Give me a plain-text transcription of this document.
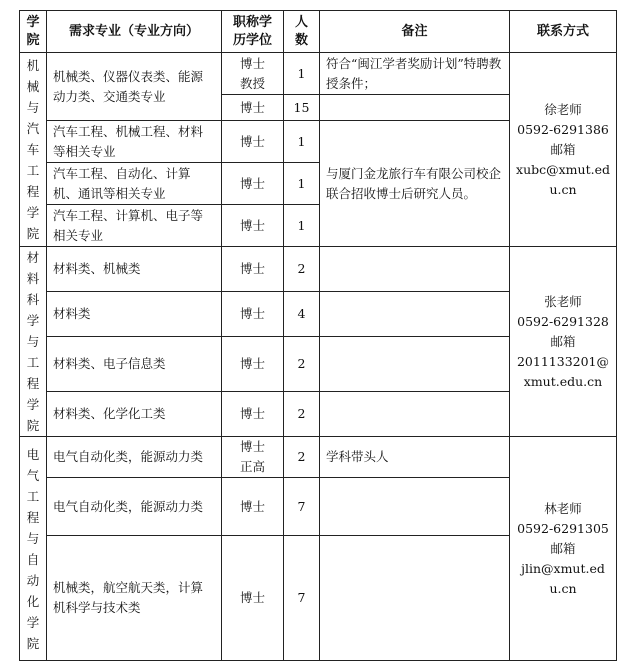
学院	需求专业（专业方向）	职称学历学位	人数	备注	联系方式
机械与汽车工程学院	机械类、仪器仪表类、能源动力类、交通类专业	博士教授	1	符合“闽江学者奖励计划”特聘教授条件；	徐老师
0592-6291386
邮箱
xubc@xmut.edu.cn

		博士	15		
	汽车工程、机械工程、材料等相关专业	博士	1	与厦门金龙旅行车有限公司校企联合招收博士后研究人员。	
	汽车工程、自动化、计算机、通讯等相关专业	博士	1		
	汽车工程、计算机、电子等相关专业	博士	1		

材料科学与工程学院	材料类、机械类	博士	2		张老师
0592-6291328
邮箱
2011133201@xmut.edu.cn

	材料类	博士	4		
	材料类、电子信息类	博士	2		
	材料类、化学化工类	博士	2		
电气工程与自动化学院	电气自动化类，能源动力类	博士正高	2	学科带头人	林老师
0592-6291305
邮箱
jlin@xmut.edu.cn

	电气自动化类，能源动力类	博士	7		
	机械类，航空航天类，计算机科学与技术类	博士	7		
